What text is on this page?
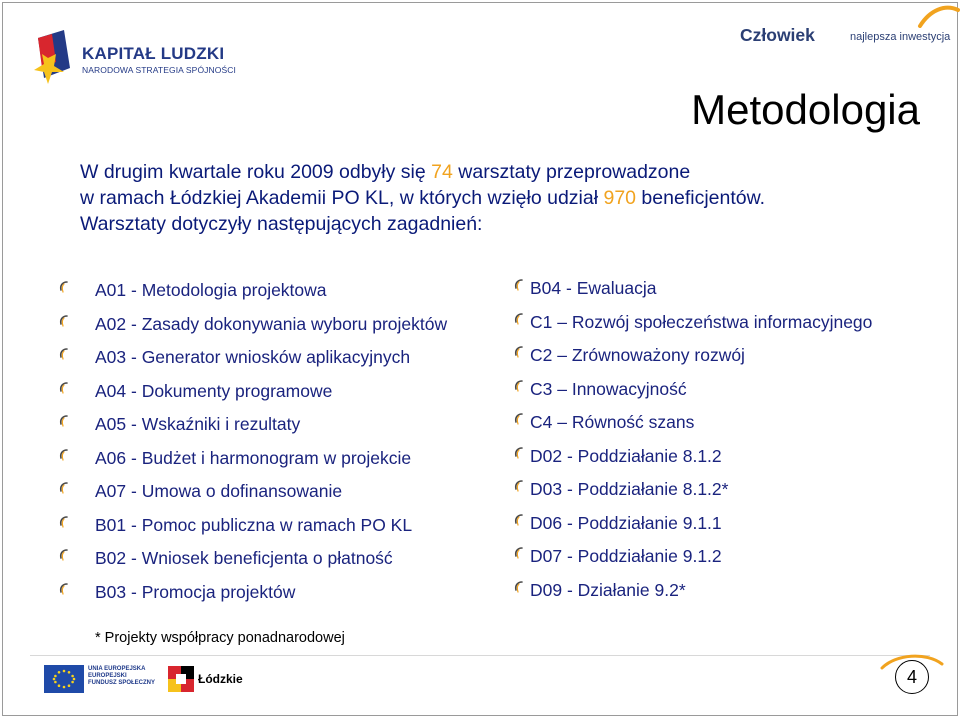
KAPITAŁ LUDZKI
NARODOWA STRATEGIA SPÓJNOŚCI
Człowiek	najlepsza inwestycja
Metodologia
W drugim kwartale roku 2009 odbyły się 74 warsztaty przeprowadzone
w ramach Łódzkiej Akademii PO KL, w których wzięło udział 970 beneficjentów.
Warsztaty dotyczyły następujących zagadnień:
A01 - Metodologia projektowa
A02 - Zasady dokonywania wyboru projektów
A03 - Generator wniosków aplikacyjnych
A04 - Dokumenty programowe
A05 - Wskaźniki i rezultaty
A06 - Budżet i harmonogram w projekcie
A07 - Umowa o dofinansowanie
B01 - Pomoc publiczna w ramach PO KL
B02 - Wniosek beneficjenta o płatność
B03 - Promocja projektów
B04 - Ewaluacja
C1 – Rozwój społeczeństwa informacyjnego
C2 – Zrównoważony rozwój
C3 – Innowacyjność
C4 – Równość szans
D02 - Poddziałanie 8.1.2
D03 - Poddziałanie 8.1.2*
D06 - Poddziałanie 9.1.1
D07 - Poddziałanie 9.1.2
D09 - Działanie 9.2*
* Projekty współpracy ponadnarodowej
UNIA EUROPEJSKA
EUROPEJSKI
FUNDUSZ SPOŁECZNY	Łódzkie	4
